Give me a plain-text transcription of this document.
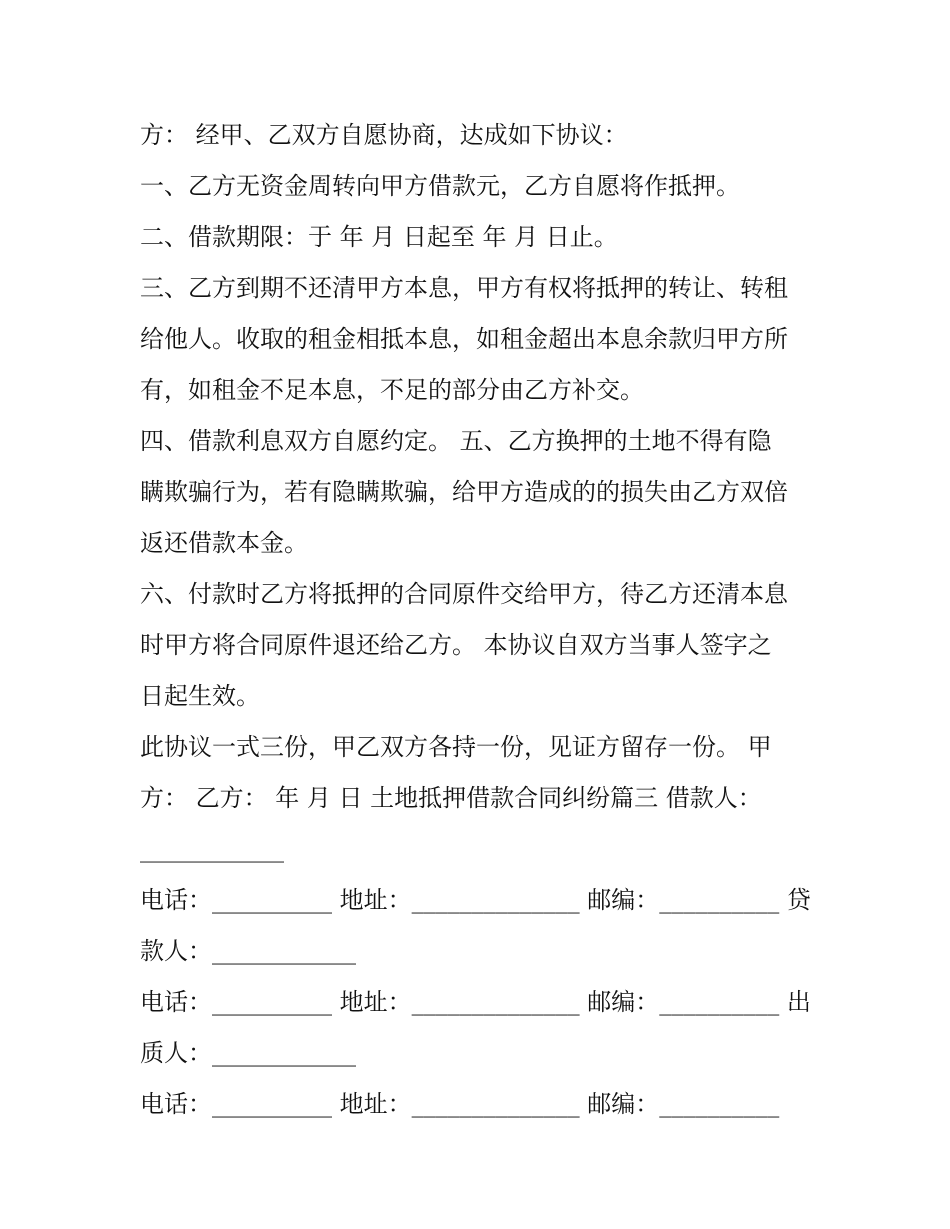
方： 经甲、乙双方自愿协商，达成如下协议：
一、乙方无资金周转向甲方借款元，乙方自愿将作抵押。
二、借款期限：于 年 月 日起至 年 月 日止。
三、乙方到期不还清甲方本息，甲方有权将抵押的转让、转租
给他人。收取的租金相抵本息，如租金超出本息余款归甲方所
有，如租金不足本息，不足的部分由乙方补交。
四、借款利息双方自愿约定。 五、乙方换押的土地不得有隐
瞒欺骗行为，若有隐瞒欺骗，给甲方造成的的损失由乙方双倍
返还借款本金。
六、付款时乙方将抵押的合同原件交给甲方，待乙方还清本息
时甲方将合同原件退还给乙方。 本协议自双方当事人签字之
日起生效。
此协议一式三份，甲乙双方各持一份，见证方留存一份。 甲
方： 乙方： 年 月 日 土地抵押借款合同纠纷篇三 借款人：
____________
电话：__________ 地址：______________ 邮编：__________ 贷
款人：____________
电话：__________ 地址：______________ 邮编：__________ 出
质人：____________
电话：__________ 地址：______________ 邮编：__________
